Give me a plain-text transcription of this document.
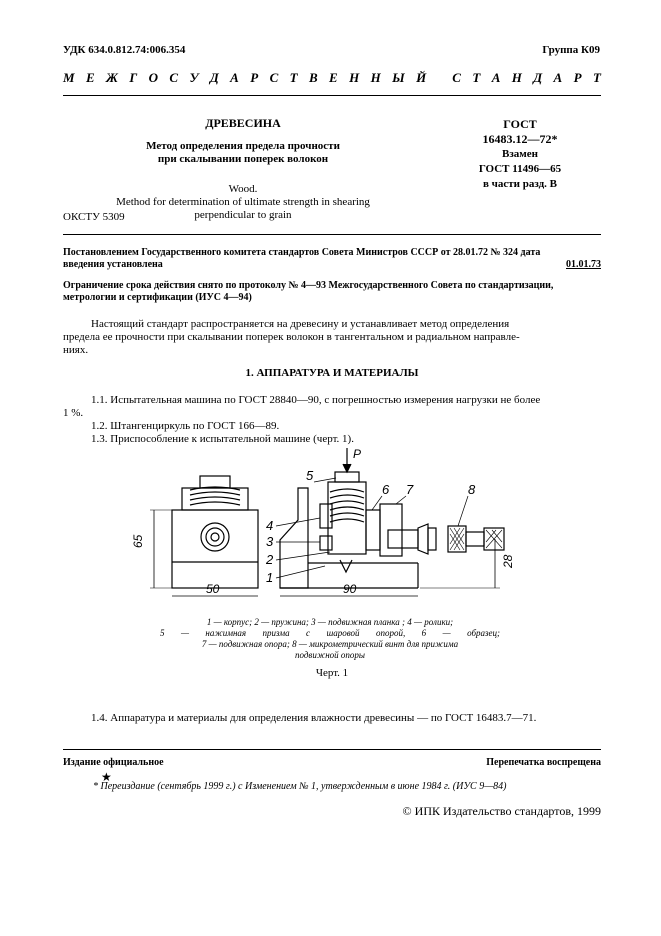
УДК 634.0.812.74:006.354	Группа К09
М Е Ж Г О С У Д А Р С Т В Е Н Н Ы Й
С Т А Н Д А Р Т
ДРЕВЕСИНА
Метод определения предела прочности
при скалывании поперек волокон
Wood.
Method for determination of ultimate strength in shearing
perpendicular to grain
ОКСТУ 5309
ГОСТ
16483.12—72*
Взамен
ГОСТ 11496—65
в части разд. В
Постановлением Государственного комитета стандартов Совета Министров СССР от 28.01.72 № 324 дата
введения установлена	01.01.73
Ограничение срока действия снято по протоколу № 4—93 Межгосударственного Совета по стандартизации,
метрологии и сертификации (ИУС 4—94)
Настоящий стандарт распространяется на древесину и устанавливает метод определения
предела ее прочности при скалывании поперек волокон в тангентальном и радиальном направле-
ниях.
1. АППАРАТУРА И МАТЕРИАЛЫ
1.1. Испытательная машина по ГОСТ 28840—90, с погрешностью измерения нагрузки не более
1 %.
1.2. Штангенциркуль по ГОСТ 166—89.
1.3. Приспособление к испытательной машине (черт. 1).
65
50
P
90
28
1
2
3
4
5
6 7	8
1 — корпус; 2 — пружина; 3 — подвижная планка ; 4 — ролики;
5 — нажимная призма с шаровой опорой, 6 — образец;
7 — подвижная опора; 8 — микрометрический винт для прижима
подвижной опоры
Черт. 1
1.4. Аппаратура и материалы для определения влажности древесины — по ГОСТ 16483.7—71.
Издание официальное	Перепечатка воспрещена
★
* Переиздание (сентябрь 1999 г.) с Изменением № 1, утвержденным в июне 1984 г. (ИУС 9—84)
© ИПК Издательство стандартов, 1999
